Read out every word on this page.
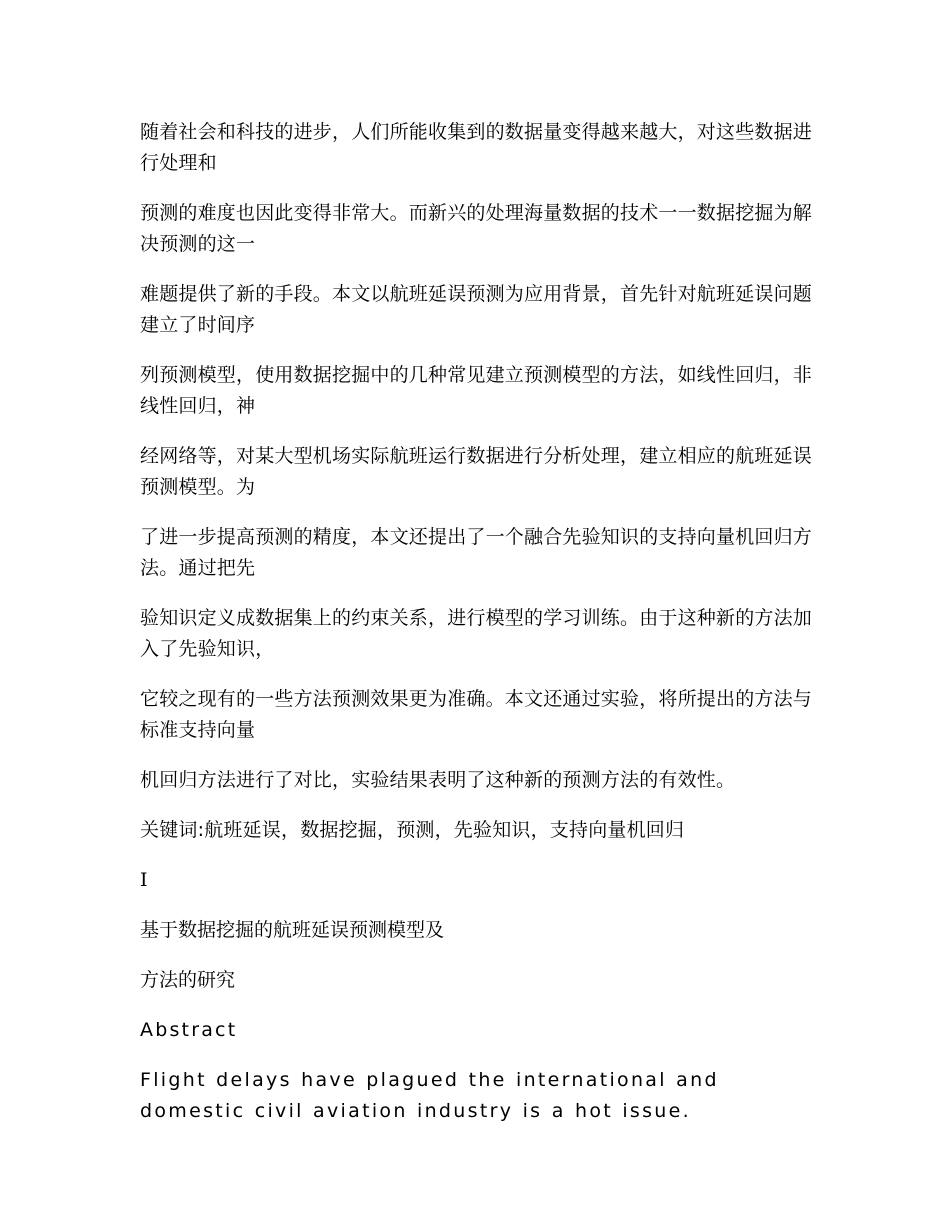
随着社会和科技的进步，人们所能收集到的数据量变得越来越大，对这些数据进行处理和

预测的难度也因此变得非常大。而新兴的处理海量数据的技术一一数据挖掘为解决预测的这一

难题提供了新的手段。本文以航班延误预测为应用背景，首先针对航班延误问题建立了时间序

列预测模型，使用数据挖掘中的几种常见建立预测模型的方法，如线性回归，非线性回归，神

经网络等，对某大型机场实际航班运行数据进行分析处理，建立相应的航班延误预测模型。为

了进一步提高预测的精度，本文还提出了一个融合先验知识的支持向量机回归方法。通过把先

验知识定义成数据集上的约束关系，进行模型的学习训练。由于这种新的方法加入了先验知识，

它较之现有的一些方法预测效果更为准确。本文还通过实验，将所提出的方法与标准支持向量

机回归方法进行了对比，实验结果表明了这种新的预测方法的有效性。

关键词:航班延误，数据挖掘，预测，先验知识，支持向量机回归

I

基于数据挖掘的航班延误预测模型及

方法的研究

Abstract

Flight delays have plagued the international and domestic civil aviation industry is a hot issue.
